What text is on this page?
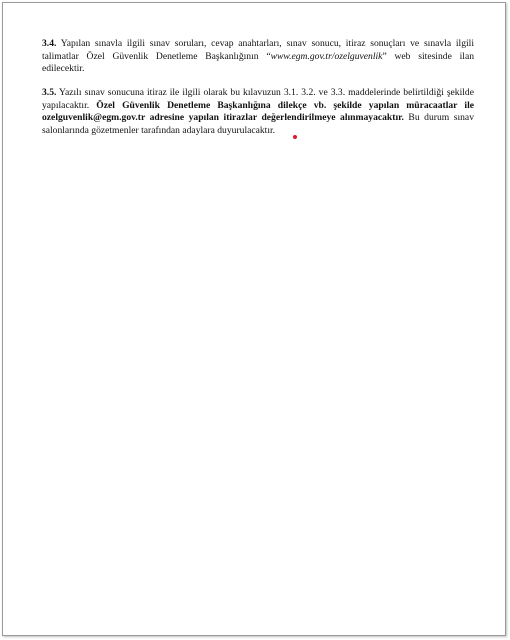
3.4. Yapılan sınavla ilgili sınav soruları, cevap anahtarları, sınav sonucu, itiraz sonuçları ve sınavla ilgili talimatlar Özel Güvenlik Denetleme Başkanlığının “www.egm.gov.tr/ozelguvenlik” web sitesinde ilan edilecektir.

3.5. Yazılı sınav sonucuna itiraz ile ilgili olarak bu kılavuzun 3.1. 3.2. ve 3.3. maddelerinde belirtildiği şekilde yapılacaktır. Özel Güvenlik Denetleme Başkanlığına dilekçe vb. şekilde yapılan müracaatlar ile ozelguvenlik@egm.gov.tr adresine yapılan itirazlar değerlendirilmeye alınmayacaktır. Bu durum sınav salonlarında gözetmenler tarafından adaylara duyurulacaktır.
